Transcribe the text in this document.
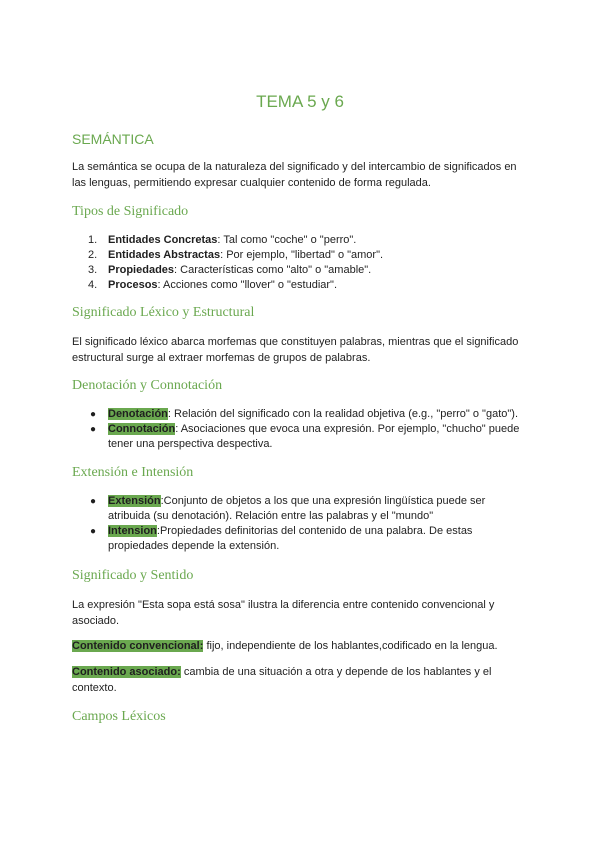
TEMA 5 y 6
SEMÁNTICA
La semántica se ocupa de la naturaleza del significado y del intercambio de significados en las lenguas, permitiendo expresar cualquier contenido de forma regulada.
Tipos de Significado
1. Entidades Concretas: Tal como "coche" o "perro".
2. Entidades Abstractas: Por ejemplo, "libertad" o "amor".
3. Propiedades: Características como "alto" o "amable".
4. Procesos: Acciones como "llover" o "estudiar".
Significado Léxico y Estructural
El significado léxico abarca morfemas que constituyen palabras, mientras que el significado estructural surge al extraer morfemas de grupos de palabras.
Denotación y Connotación
● Denotación: Relación del significado con la realidad objetiva (e.g., "perro" o "gato").
● Connotación: Asociaciones que evoca una expresión. Por ejemplo, "chucho" puede tener una perspectiva despectiva.
Extensión e Intensión
● Extensión:Conjunto de objetos a los que una expresión lingüística puede ser atribuida (su denotación). Relación entre las palabras y el "mundo"
● Intension:Propiedades definitorias del contenido de una palabra. De estas propiedades depende la extensión.
Significado y Sentido
La expresión "Esta sopa está sosa" ilustra la diferencia entre contenido convencional y asociado.
Contenido convencional: fijo, independiente de los hablantes,codificado en la lengua.
Contenido asociado: cambia de una situación a otra y depende de los hablantes y el contexto.
Campos Léxicos
